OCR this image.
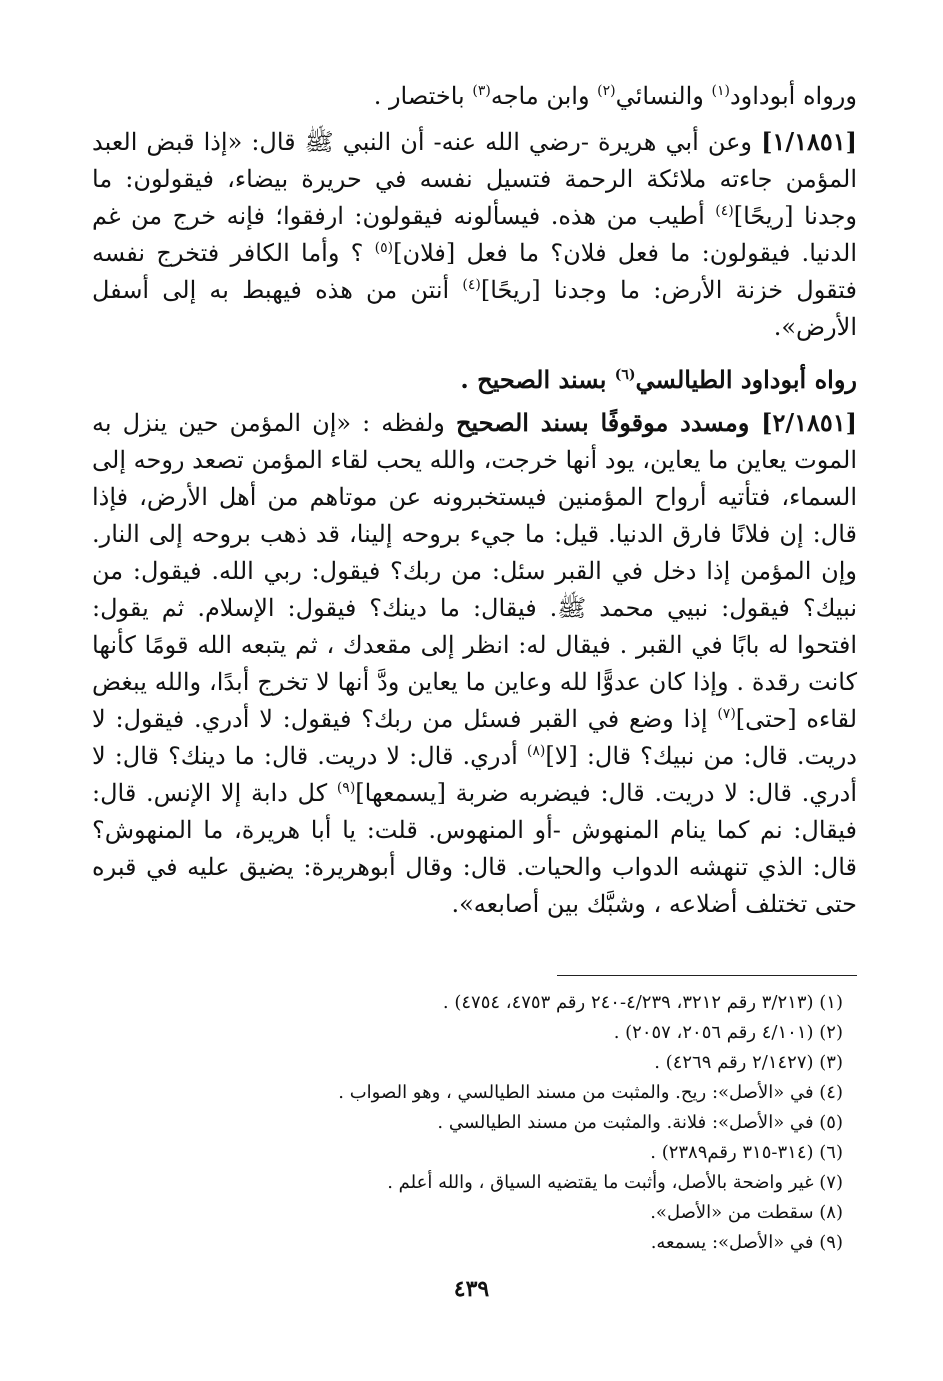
ورواه أبوداود$^{(١)}$ والنسائي$^{(٢)}$ وابن ماجه$^{(٣)}$ باختصار .

[١/١٨٥١] وعن أبي هريرة -رضي الله عنه- أن النبي ﷺ قال: «إذا قبض العبد المؤمن جاءته ملائكة الرحمة فتسيل نفسه في حريرة بيضاء، فيقولون: ما وجدنا [ريحًا]$^{(٤)}$ أطيب من هذه. فيسألونه فيقولون: ارفقوا؛ فإنه خرج من غم الدنيا. فيقولون: ما فعل فلان؟ ما فعل [فلان]$^{(٥)}$ ؟ وأما الكافر فتخرج نفسه فتقول خزنة الأرض: ما وجدنا [ريحًا]$^{(٤)}$ أنتن من هذه فيهبط به إلى أسفل الأرض».

رواه أبوداود الطيالسي$^{(٦)}$ بسند الصحيح .

[٢/١٨٥١] ومسدد موقوفًا بسند الصحيح ولفظه : «إن المؤمن حين ينزل به الموت يعاين ما يعاين، يود أنها خرجت، والله يحب لقاء المؤمن تصعد روحه إلى السماء، فتأتيه أرواح المؤمنين فيستخبرونه عن موتاهم من أهل الأرض، فإذا قال: إن فلانًا فارق الدنيا. قيل: ما جيء بروحه إلينا، قد ذهب بروحه إلى النار. وإن المؤمن إذا دخل في القبر سئل: من ربك؟ فيقول: ربي الله. فيقول: من نبيك؟ فيقول: نبيي محمد ﷺ. فيقال: ما دينك؟ فيقول: الإسلام. ثم يقول: افتحوا له بابًا في القبر . فيقال له: انظر إلى مقعدك ، ثم يتبعه الله قومًا كأنها كانت رقدة . وإذا كان عدوًّا لله وعاين ما يعاين ودَّ أنها لا تخرج أبدًا، والله يبغض لقاءه [حتى]$^{(٧)}$ إذا وضع في القبر فسئل من ربك؟ فيقول: لا أدري. فيقول: لا دريت. قال: من نبيك؟ قال: [لا]$^{(٨)}$ أدري. قال: لا دريت. قال: ما دينك؟ قال: لا أدري. قال: لا دريت. قال: فيضربه ضربة [يسمعها]$^{(٩)}$ كل دابة إلا الإنس. قال: فيقال: نم كما ينام المنهوش -أو المنهوس. قلت: يا أبا هريرة، ما المنهوش؟ قال: الذي تنهشه الدواب والحيات. قال: وقال أبوهريرة: يضيق عليه في قبره حتى تختلف أضلاعه ، وشبَّك بين أصابعه».

(١) (٣/٢١٣ رقم ٣٢١٢، ٤/٢٣٩-٢٤٠ رقم ٤٧٥٣، ٤٧٥٤) .

(٢) (٤/١٠١ رقم ٢٠٥٦، ٢٠٥٧) .

(٣) (٢/١٤٢٧ رقم ٤٢٦٩) .

(٤) في «الأصل»: ريح. والمثبت من مسند الطيالسي ، وهو الصواب .

(٥) في «الأصل»: فلانة. والمثبت من مسند الطيالسي .

(٦) (٣١٤-٣١٥ رقم٢٣٨٩) .

(٧) غير واضحة بالأصل، وأثبت ما يقتضيه السياق ، والله أعلم .

(٨) سقطت من «الأصل».

(٩) في «الأصل»: يسمعه.

٤٣٩
